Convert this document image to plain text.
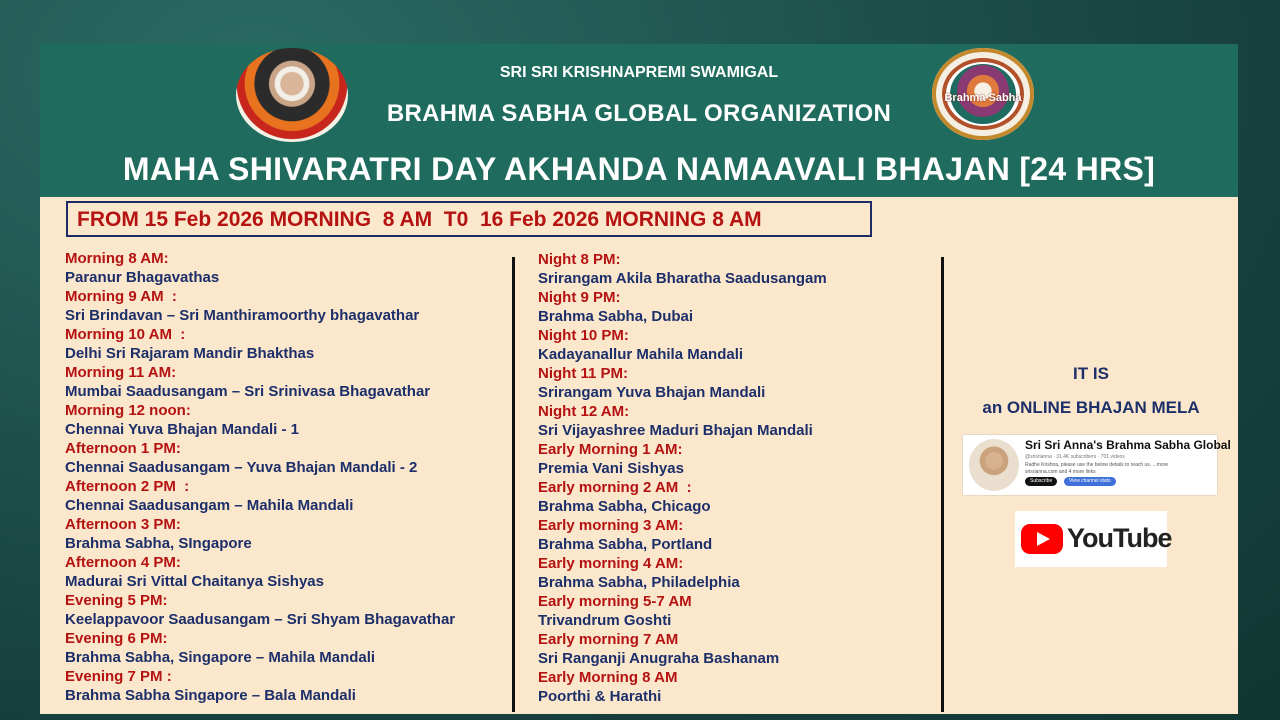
SRI SRI KRISHNAPREMI SWAMIGAL
BRAHMA SABHA GLOBAL ORGANIZATION
Brahma Sabha
MAHA SHIVARATRI DAY AKHANDA NAMAAVALI BHAJAN [24 HRS]
FROM 15 Feb 2026 MORNING  8 AM  T0  16 Feb 2026 MORNING 8 AM
Morning 8 AM:
Paranur Bhagavathas
Morning 9 AM  :
Sri Brindavan – Sri Manthiramoorthy bhagavathar
Morning 10 AM  :
Delhi Sri Rajaram Mandir Bhakthas
Morning 11 AM:
Mumbai Saadusangam – Sri Srinivasa Bhagavathar
Morning 12 noon:
Chennai Yuva Bhajan Mandali - 1
Afternoon 1 PM:
Chennai Saadusangam – Yuva Bhajan Mandali - 2
Afternoon 2 PM  :
Chennai Saadusangam – Mahila Mandali
Afternoon 3 PM:
Brahma Sabha, SIngapore
Afternoon 4 PM:
Madurai Sri Vittal Chaitanya Sishyas
Evening 5 PM:
Keelappavoor Saadusangam – Sri Shyam Bhagavathar
Evening 6 PM:
Brahma Sabha, Singapore – Mahila Mandali
Evening 7 PM :
Brahma Sabha Singapore – Bala Mandali
Night 8 PM:
Srirangam Akila Bharatha Saadusangam
Night 9 PM:
Brahma Sabha, Dubai
Night 10 PM:
Kadayanallur Mahila Mandali
Night 11 PM:
Srirangam Yuva Bhajan Mandali
Night 12 AM:
Sri Vijayashree Maduri Bhajan Mandali
Early Morning 1 AM:
Premia Vani Sishyas
Early morning 2 AM  :
Brahma Sabha, Chicago
Early morning 3 AM:
Brahma Sabha, Portland
Early morning 4 AM:
Brahma Sabha, Philadelphia
Early morning 5-7 AM
Trivandrum Goshti
Early morning 7 AM
Sri Ranganji Anugraha Bashanam
Early Morning 8 AM
Poorthi & Harathi
IT IS
an ONLINE BHAJAN MELA
Sri Sri Anna's Brahma Sabha Global
@srisrianna · 31.4K subscribers · 701 videos
Radhe Krishna, please use the below details to reach us. ...more
srisrianna.com and 4 more links
Subscribe	View channel stats
YouTube
